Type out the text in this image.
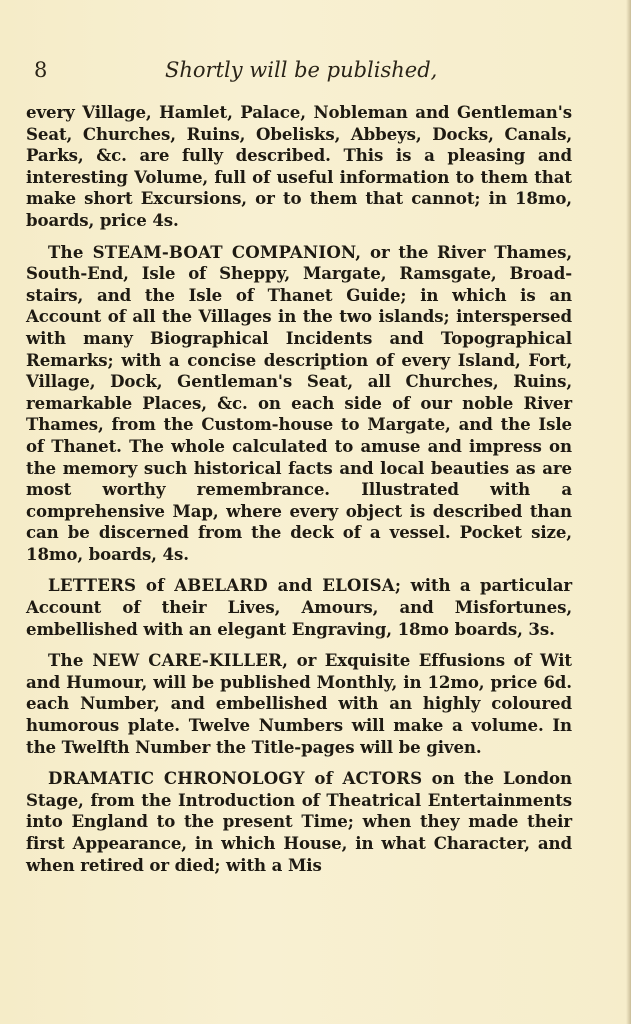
8	Shortly will be published,

every Village, Hamlet, Palace, Nobleman and Gentleman's Seat, Churches, Ruins, Obelisks, Abbeys, Docks, Canals, Parks, &c. are fully described. This is a pleasing and interesting Volume, full of useful information to them that make short Excursions, or to them that cannot; in 18mo, boards, price 4s.

The STEAM-BOAT COMPANION, or the River Thames, South-End, Isle of Sheppy, Margate, Ramsgate, Broad-stairs, and the Isle of Thanet Guide; in which is an Account of all the Villages in the two islands; interspersed with many Biographical Incidents and Topographical Remarks; with a concise description of every Island, Fort, Village, Dock, Gentleman's Seat, all Churches, Ruins, remarkable Places, &c. on each side of our noble River Thames, from the Custom-house to Margate, and the Isle of Thanet. The whole calculated to amuse and impress on the memory such historical facts and local beauties as are most worthy remembrance. Illustrated with a comprehensive Map, where every object is described than can be discerned from the deck of a vessel. Pocket size, 18mo, boards, 4s.

LETTERS of ABELARD and ELOISA; with a particular Account of their Lives, Amours, and Misfortunes, embellished with an elegant Engraving, 18mo boards, 3s.

The NEW CARE-KILLER, or Exquisite Effusions of Wit and Humour, will be published Monthly, in 12mo, price 6d. each Number, and embellished with an highly coloured humorous plate. Twelve Numbers will make a volume. In the Twelfth Number the Title-pages will be given.

DRAMATIC CHRONOLOGY of ACTORS on the London Stage, from the Introduction of Theatrical Entertainments into England to the present Time; when they made their first Appearance, in which House, in what Character, and when retired or died; with a Mis
